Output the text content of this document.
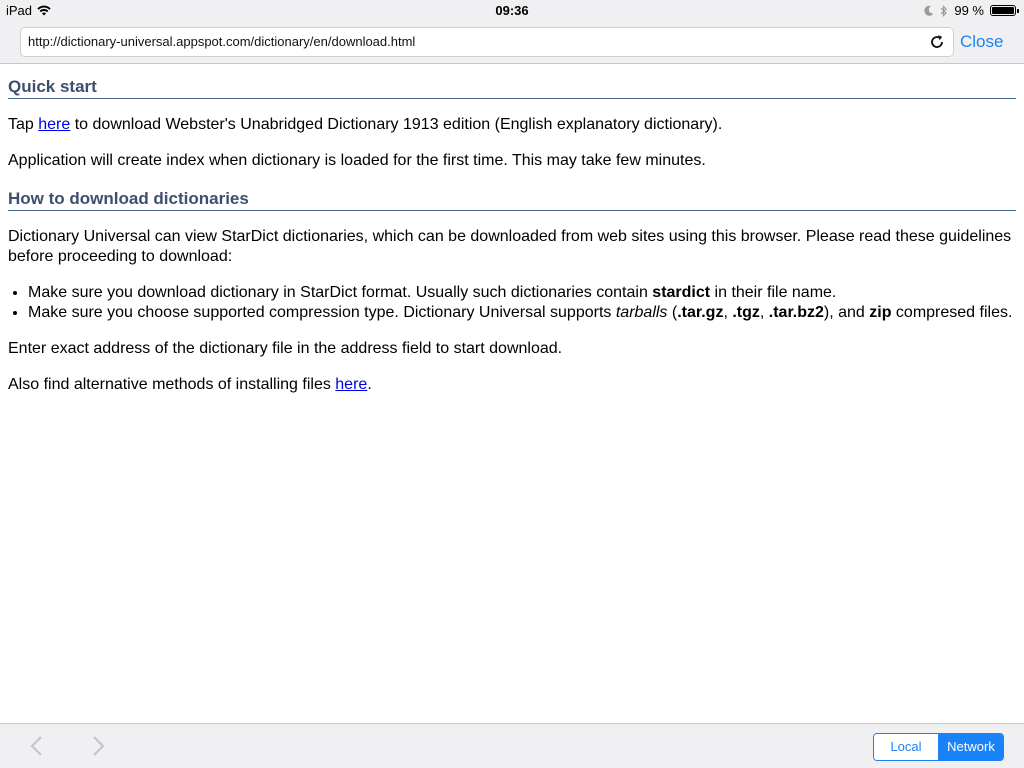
iPad	09:36	99 %
http://dictionary-universal.appspot.com/dictionary/en/download.html	Close
Quick start

Tap here to download Webster's Unabridged Dictionary 1913 edition (English explanatory dictionary).

Application will create index when dictionary is loaded for the first time. This may take few minutes.

How to download dictionaries

Dictionary Universal can view StarDict dictionaries, which can be downloaded from web sites using this browser. Please read these guidelines before proceeding to download:

• Make sure you download dictionary in StarDict format. Usually such dictionaries contain stardict in their file name.
• Make sure you choose supported compression type. Dictionary Universal supports tarballs (.tar.gz, .tgz, .tar.bz2), and zip compresed files.

Enter exact address of the dictionary file in the address field to start download.

Also find alternative methods of installing files here.

Local	Network
